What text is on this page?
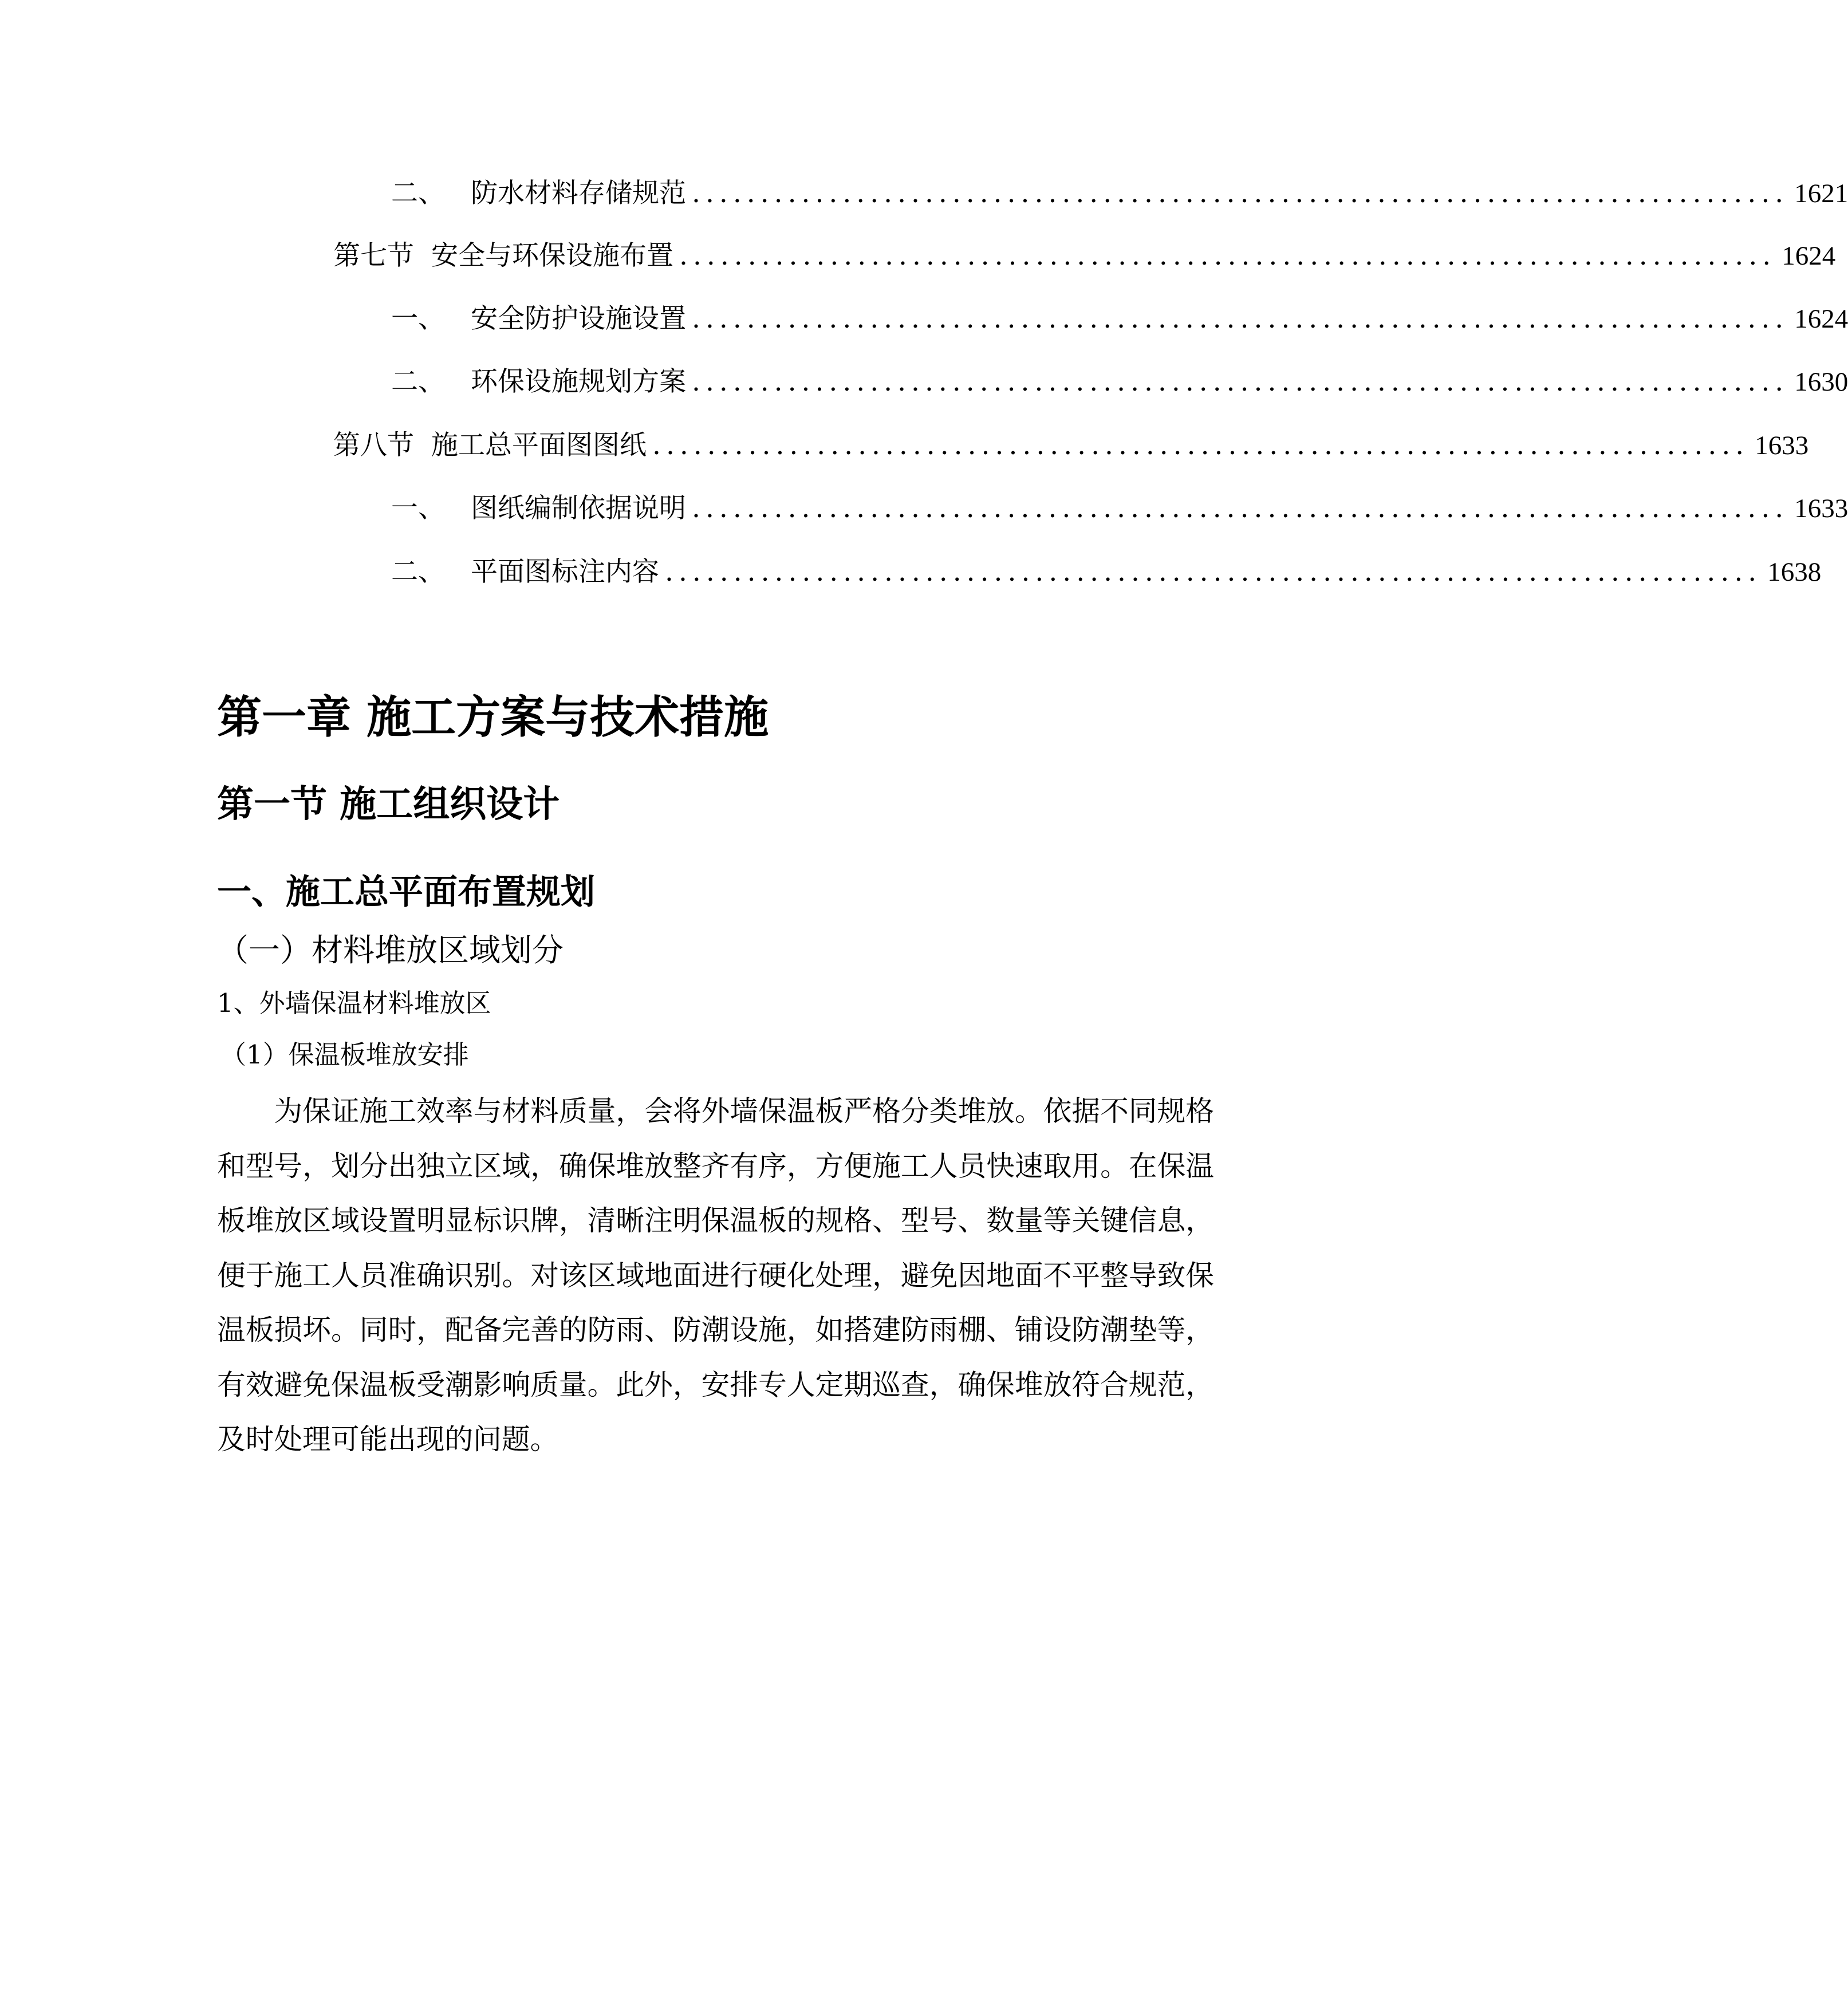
二、 防水材料存储规范 ................................................................................ 1621
第七节 安全与环保设施布置 ................................................................................ 1624
一、 安全防护设施设置 ................................................................................ 1624
二、 环保设施规划方案 ................................................................................ 1630
第八节 施工总平面图图纸 ................................................................................ 1633
一、 图纸编制依据说明 ................................................................................ 1633
二、 平面图标注内容 ................................................................................ 1638
第一章 施工方案与技术措施
第一节 施工组织设计
一、施工总平面布置规划
（一）材料堆放区域划分
1、外墙保温材料堆放区
（1）保温板堆放安排
为保证施工效率与材料质量，会将外墙保温板严格分类堆放。依据不同规格和型号，划分出独立区域，确保堆放整齐有序，方便施工人员快速取用。在保温板堆放区域设置明显标识牌，清晰注明保温板的规格、型号、数量等关键信息，便于施工人员准确识别。对该区域地面进行硬化处理，避免因地面不平整导致保温板损坏。同时，配备完善的防雨、防潮设施，如搭建防雨棚、铺设防潮垫等，有效避免保温板受潮影响质量。此外，安排专人定期巡查，确保堆放符合规范，及时处理可能出现的问题。
